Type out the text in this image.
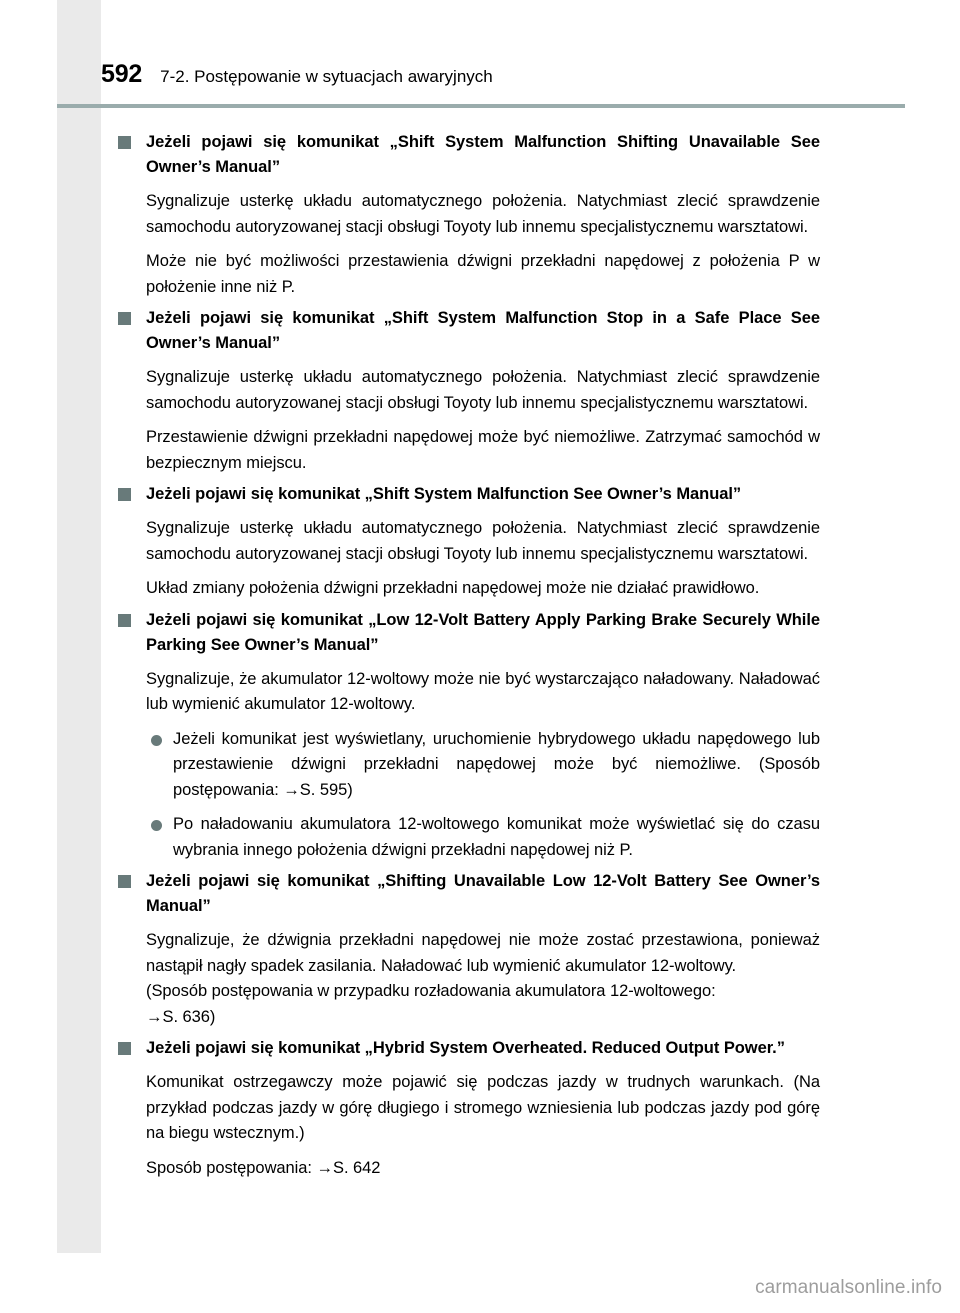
592 7-2. Postępowanie w sytuacjach awaryjnych
Jeżeli pojawi się komunikat „Shift System Malfunction Shifting Unavailable See Owner’s Manual”
Sygnalizuje usterkę układu automatycznego położenia. Natychmiast zlecić sprawdzenie samochodu autoryzowanej stacji obsługi Toyoty lub innemu specjalistycznemu warsztatowi.
Może nie być możliwości przestawienia dźwigni przekładni napędowej z położenia P w położenie inne niż P.
Jeżeli pojawi się komunikat „Shift System Malfunction Stop in a Safe Place See Owner’s Manual”
Sygnalizuje usterkę układu automatycznego położenia. Natychmiast zlecić sprawdzenie samochodu autoryzowanej stacji obsługi Toyoty lub innemu specjalistycznemu warsztatowi.
Przestawienie dźwigni przekładni napędowej może być niemożliwe. Zatrzymać samochód w bezpiecznym miejscu.
Jeżeli pojawi się komunikat „Shift System Malfunction See Owner’s Manual”
Sygnalizuje usterkę układu automatycznego położenia. Natychmiast zlecić sprawdzenie samochodu autoryzowanej stacji obsługi Toyoty lub innemu specjalistycznemu warsztatowi.
Układ zmiany położenia dźwigni przekładni napędowej może nie działać prawidłowo.
Jeżeli pojawi się komunikat „Low 12-Volt Battery Apply Parking Brake Securely While Parking See Owner’s Manual”
Sygnalizuje, że akumulator 12-woltowy może nie być wystarczająco naładowany. Naładować lub wymienić akumulator 12-woltowy.
Jeżeli komunikat jest wyświetlany, uruchomienie hybrydowego układu napędowego lub przestawienie dźwigni przekładni napędowej może być niemożliwe. (Sposób postępowania: →S. 595)
Po naładowaniu akumulatora 12-woltowego komunikat może wyświetlać się do czasu wybrania innego położenia dźwigni przekładni napędowej niż P.
Jeżeli pojawi się komunikat „Shifting Unavailable Low 12-Volt Battery See Owner’s Manual”
Sygnalizuje, że dźwignia przekładni napędowej nie może zostać przestawiona, ponieważ nastąpił nagły spadek zasilania. Naładować lub wymienić akumulator 12-woltowy.
(Sposób postępowania w przypadku rozładowania akumulatora 12-woltowego:
→S. 636)
Jeżeli pojawi się komunikat „Hybrid System Overheated. Reduced Output Power.”
Komunikat ostrzegawczy może pojawić się podczas jazdy w trudnych warunkach. (Na przykład podczas jazdy w górę długiego i stromego wzniesienia lub podczas jazdy pod górę na biegu wstecznym.)
Sposób postępowania: →S. 642
carmanualsonline.info
